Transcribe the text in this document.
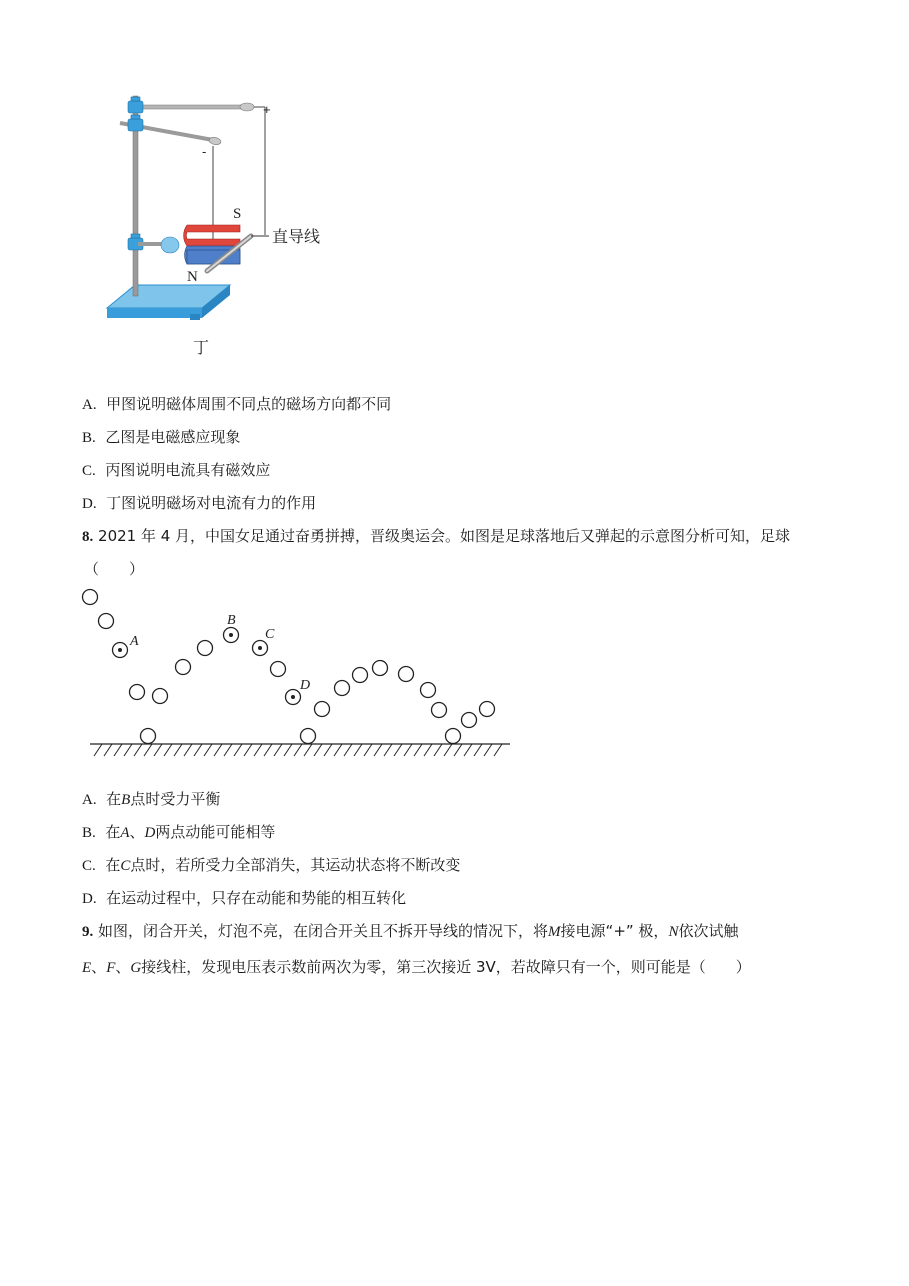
+
-
S
N
直导线
丁
A. 甲图说明磁体周围不同点的磁场方向都不同
B. 乙图是电磁感应现象
C. 丙图说明电流具有磁效应
D. 丁图说明磁场对电流有力的作用
8. 2021 年 4 月，中国女足通过奋勇拼搏，晋级奥运会。如图是足球落地后又弹起的示意图分析可知，足球
（　　）
A
B
C
D
A. 在B点时受力平衡
B. 在A、D两点动能可能相等
C. 在C点时，若所受力全部消失，其运动状态将不断改变
D. 在运动过程中，只存在动能和势能的相互转化
9. 如图，闭合开关，灯泡不亮，在闭合开关且不拆开导线的情况下，将M接电源“+” 极，N依次试触
E、F、G接线柱，发现电压表示数前两次为零，第三次接近 3V，若故障只有一个，则可能是（　　）
